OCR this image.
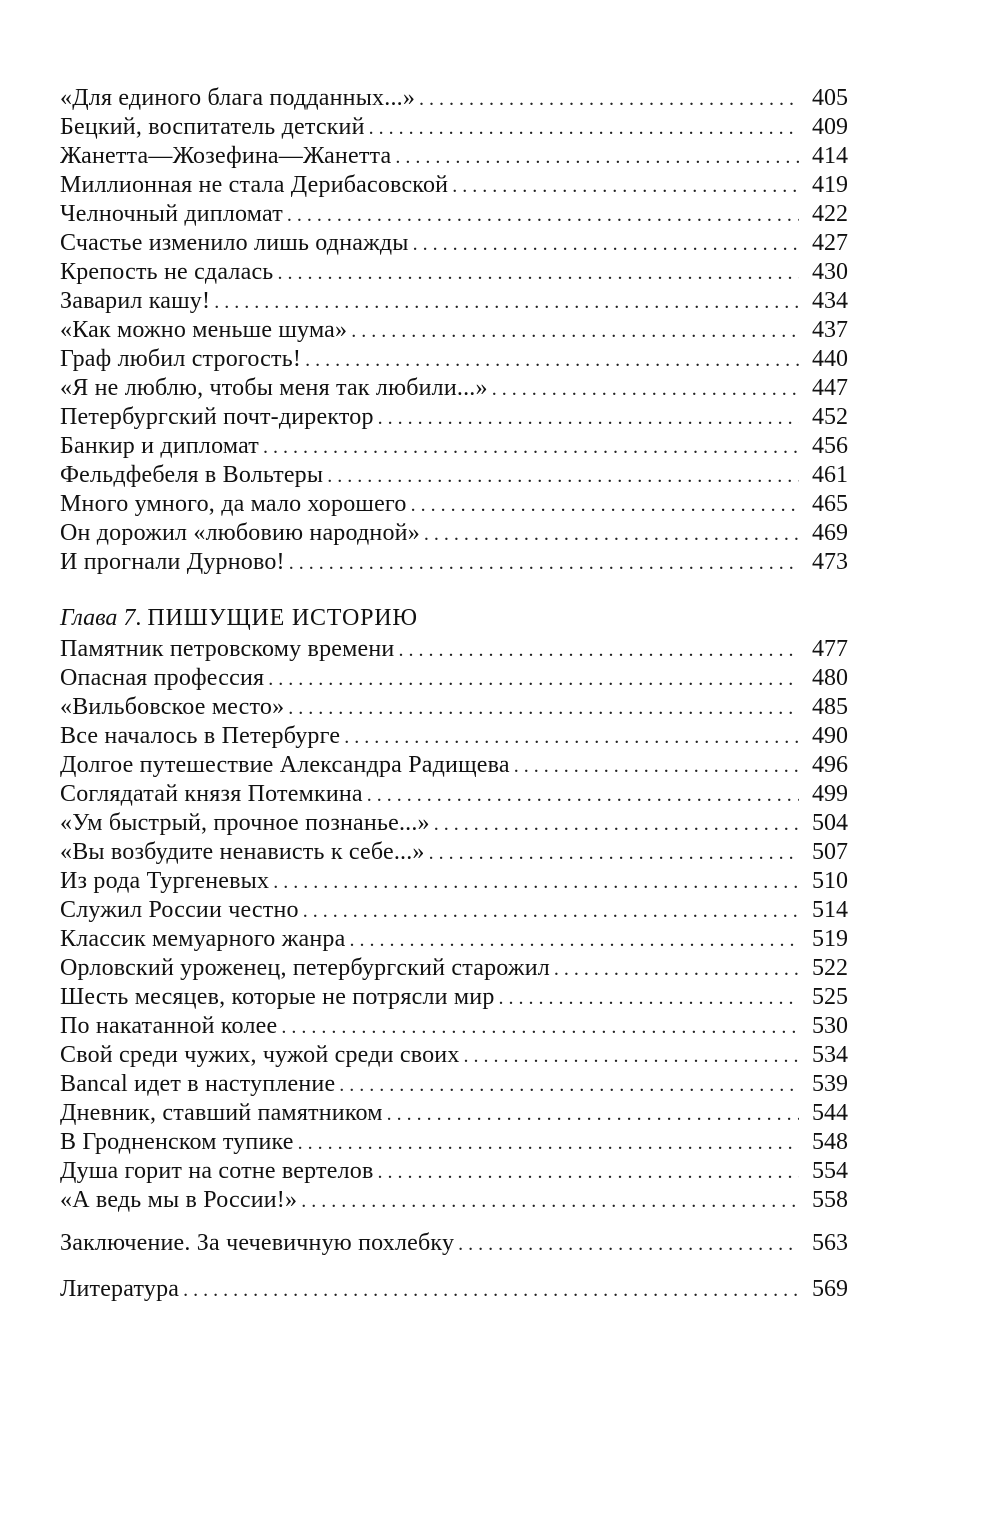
«Для единого блага подданных...» . . .	405
Бецкий, воспитатель детский . . .	409
Жанетта—Жозефина—Жанетта . . .	414
Миллионная не стала Дерибасовской . . .	419
Челночный дипломат . . .	422
Счастье изменило лишь однажды . . .	427
Крепость не сдалась . . .	430
Заварил кашу! . . .	434
«Как можно меньше шума» . . .	437
Граф любил строгость! . . .	440
«Я не люблю, чтобы меня так любили...» . . .	447
Петербургский почт-директор . . .	452
Банкир и дипломат . . .	456
Фельдфебеля в Вольтеры . . .	461
Много умного, да мало хорошего . . .	465
Он дорожил «любовию народной» . . .	469
И прогнали Дурново! . . .	473
Глава 7. ПИШУЩИЕ ИСТОРИЮ
Памятник петровскому времени . . .	477
Опасная профессия . . .	480
«Вильбовское место» . . .	485
Все началось в Петербурге . . .	490
Долгое путешествие Александра Радищева . . .	496
Соглядатай князя Потемкина . . .	499
«Ум быстрый, прочное познанье...» . . .	504
«Вы возбудите ненависть к себе...» . . .	507
Из рода Тургеневых . . .	510
Служил России честно . . .	514
Классик мемуарного жанра . . .	519
Орловский уроженец, петербургский старожил . . .	522
Шесть месяцев, которые не потрясли мир . . .	525
По накатанной колее . . .	530
Свой среди чужих, чужой среди своих . . .	534
Bancal идет в наступление . . .	539
Дневник, ставший памятником . . .	544
В Гродненском тупике . . .	548
Душа горит на сотне вертелов . . .	554
«А ведь мы в России!» . . .	558
Заключение. За чечевичную похлебку . . .	563
Литература . . .	569
